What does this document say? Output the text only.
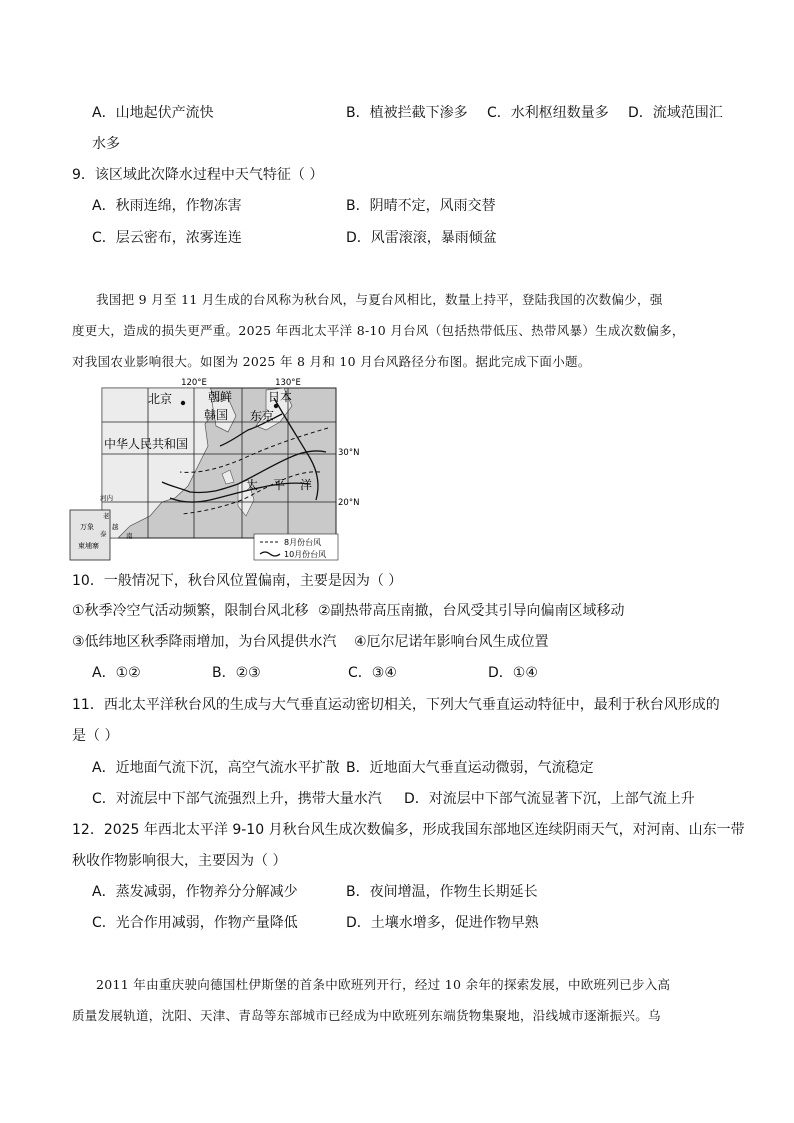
A．山地起伏产流快	B．植被拦截下渗多 C．水利枢纽数量多 D．流域范围汇
水多
9．该区域此次降水过程中天气特征（ ）
A．秋雨连绵，作物冻害	B．阴晴不定，风雨交替
C．层云密布，浓雾连连	D．风雷滚滚，暴雨倾盆
我国把 9 月至 11 月生成的台风称为秋台风，与夏台风相比，数量上持平，登陆我国的次数偏少，强
度更大，造成的损失更严重。2025 年西北太平洋 8-10 月台风（包括热带低压、热带风暴）生成次数偏多，
对我国农业影响很大。如图为 2025 年 8 月和 10 月台风路径分布图。据此完成下面小题。
120°E	130°E
30°N
20°N
北京	朝鲜
韩国
日本
东京
中华人民共和国
太 平 洋
河内
老
万象	越
南
泰
柬埔寨	8月份台风
10月份台风
10．一般情况下，秋台风位置偏南，主要是因为（ ）
①秋季冷空气活动频繁，限制台风北移 ②副热带高压南撤，台风受其引导向偏南区域移动
③低纬地区秋季降雨增加，为台风提供水汽 ④厄尔尼诺年影响台风生成位置
A．①②	B．②③	C．③④	D．①④
11．西北太平洋秋台风的生成与大气垂直运动密切相关，下列大气垂直运动特征中，最利于秋台风形成的
是（ ）
A．近地面气流下沉，高空气流水平扩散 B．近地面大气垂直运动微弱，气流稳定
C．对流层中下部气流强烈上升，携带大量水汽 D．对流层中下部气流显著下沉，上部气流上升
12．2025 年西北太平洋 9-10 月秋台风生成次数偏多，形成我国东部地区连续阴雨天气，对河南、山东一带
秋收作物影响很大，主要因为（ ）
A．蒸发减弱，作物养分分解减少	B．夜间增温，作物生长期延长
C．光合作用减弱，作物产量降低	D．土壤水增多，促进作物早熟
2011 年由重庆驶向德国杜伊斯堡的首条中欧班列开行，经过 10 余年的探索发展，中欧班列已步入高
质量发展轨道，沈阳、天津、青岛等东部城市已经成为中欧班列东端货物集聚地，沿线城市逐渐振兴。乌
